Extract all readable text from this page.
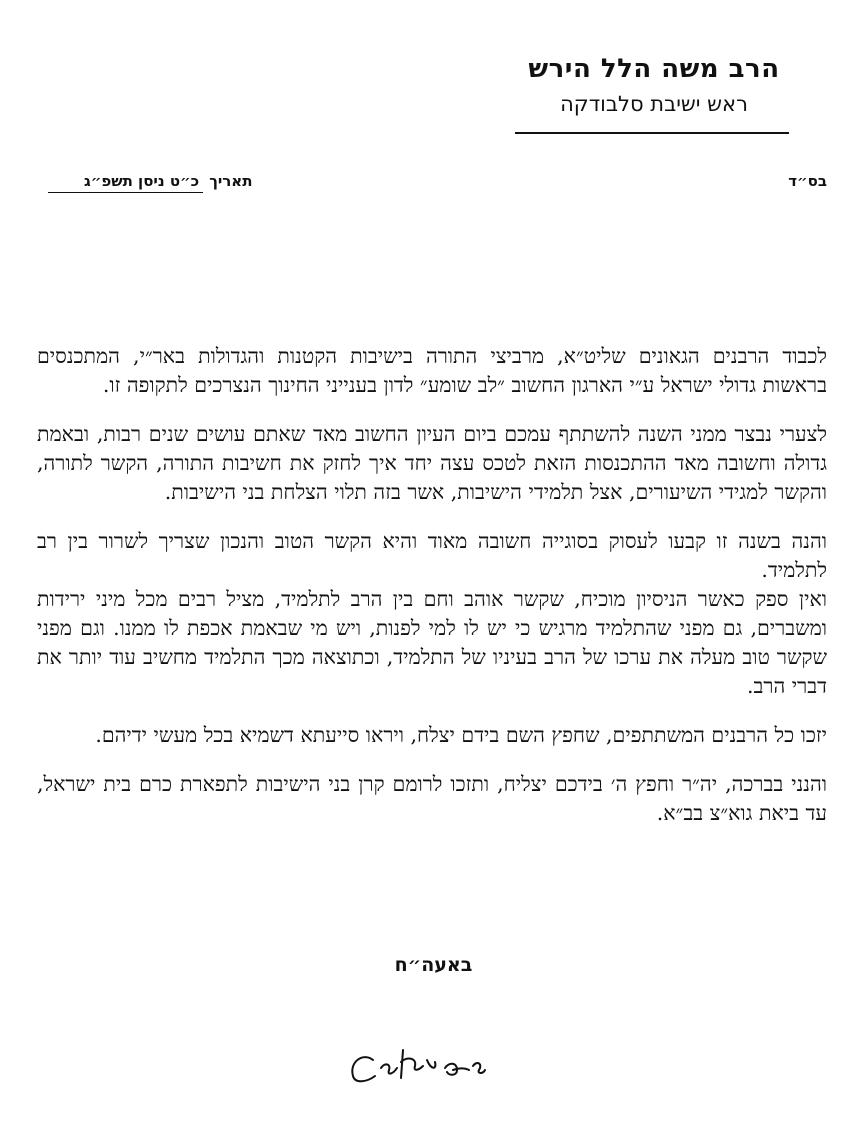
הרב משה הלל הירש
ראש ישיבת סלבודקה
בס״ד
תאריך
כ״ט ניסן תשפ״ג

לכבוד הרבנים הגאונים שליט״א, מרביצי התורה בישיבות הקטנות והגדולות באר״י, המתכנסים בראשות גדולי ישראל ע״י הארגון החשוב ״לב שומע״ לדון בענייני החינוך הנצרכים לתקופה זו.

לצערי נבצר ממני השנה להשתתף עמכם ביום העיון החשוב מאד שאתם עושים שנים רבות, ובאמת גדולה וחשובה מאד ההתכנסות הזאת לטכס עצה יחד איך לחזק את חשיבות התורה, הקשר לתורה, והקשר למגידי השיעורים, אצל תלמידי הישיבות, אשר בזה תלוי הצלחת בני הישיבות.

והנה בשנה זו קבעו לעסוק בסוגייה חשובה מאוד והיא הקשר הטוב והנכון שצריך לשרור בין רב לתלמיד.

ואין ספק כאשר הניסיון מוכיח, שקשר אוהב וחם בין הרב לתלמיד, מציל רבים מכל מיני ירידות ומשברים, גם מפני שהתלמיד מרגיש כי יש לו למי לפנות, ויש מי שבאמת אכפת לו ממנו. וגם מפני שקשר טוב מעלה את ערכו של הרב בעיניו של התלמיד, וכתוצאה מכך התלמיד מחשיב עוד יותר את דברי הרב.

יזכו כל הרבנים המשתתפים, שחפץ השם בידם יצלח, ויראו סייעתא דשמיא בכל מעשי ידיהם.

והנני בברכה, יה״ר וחפץ ה׳ בידכם יצליח, ותזכו לרומם קרן בני הישיבות לתפארת כרם בית ישראל, עד ביאת גוא״צ בב״א.

באעה״ח
